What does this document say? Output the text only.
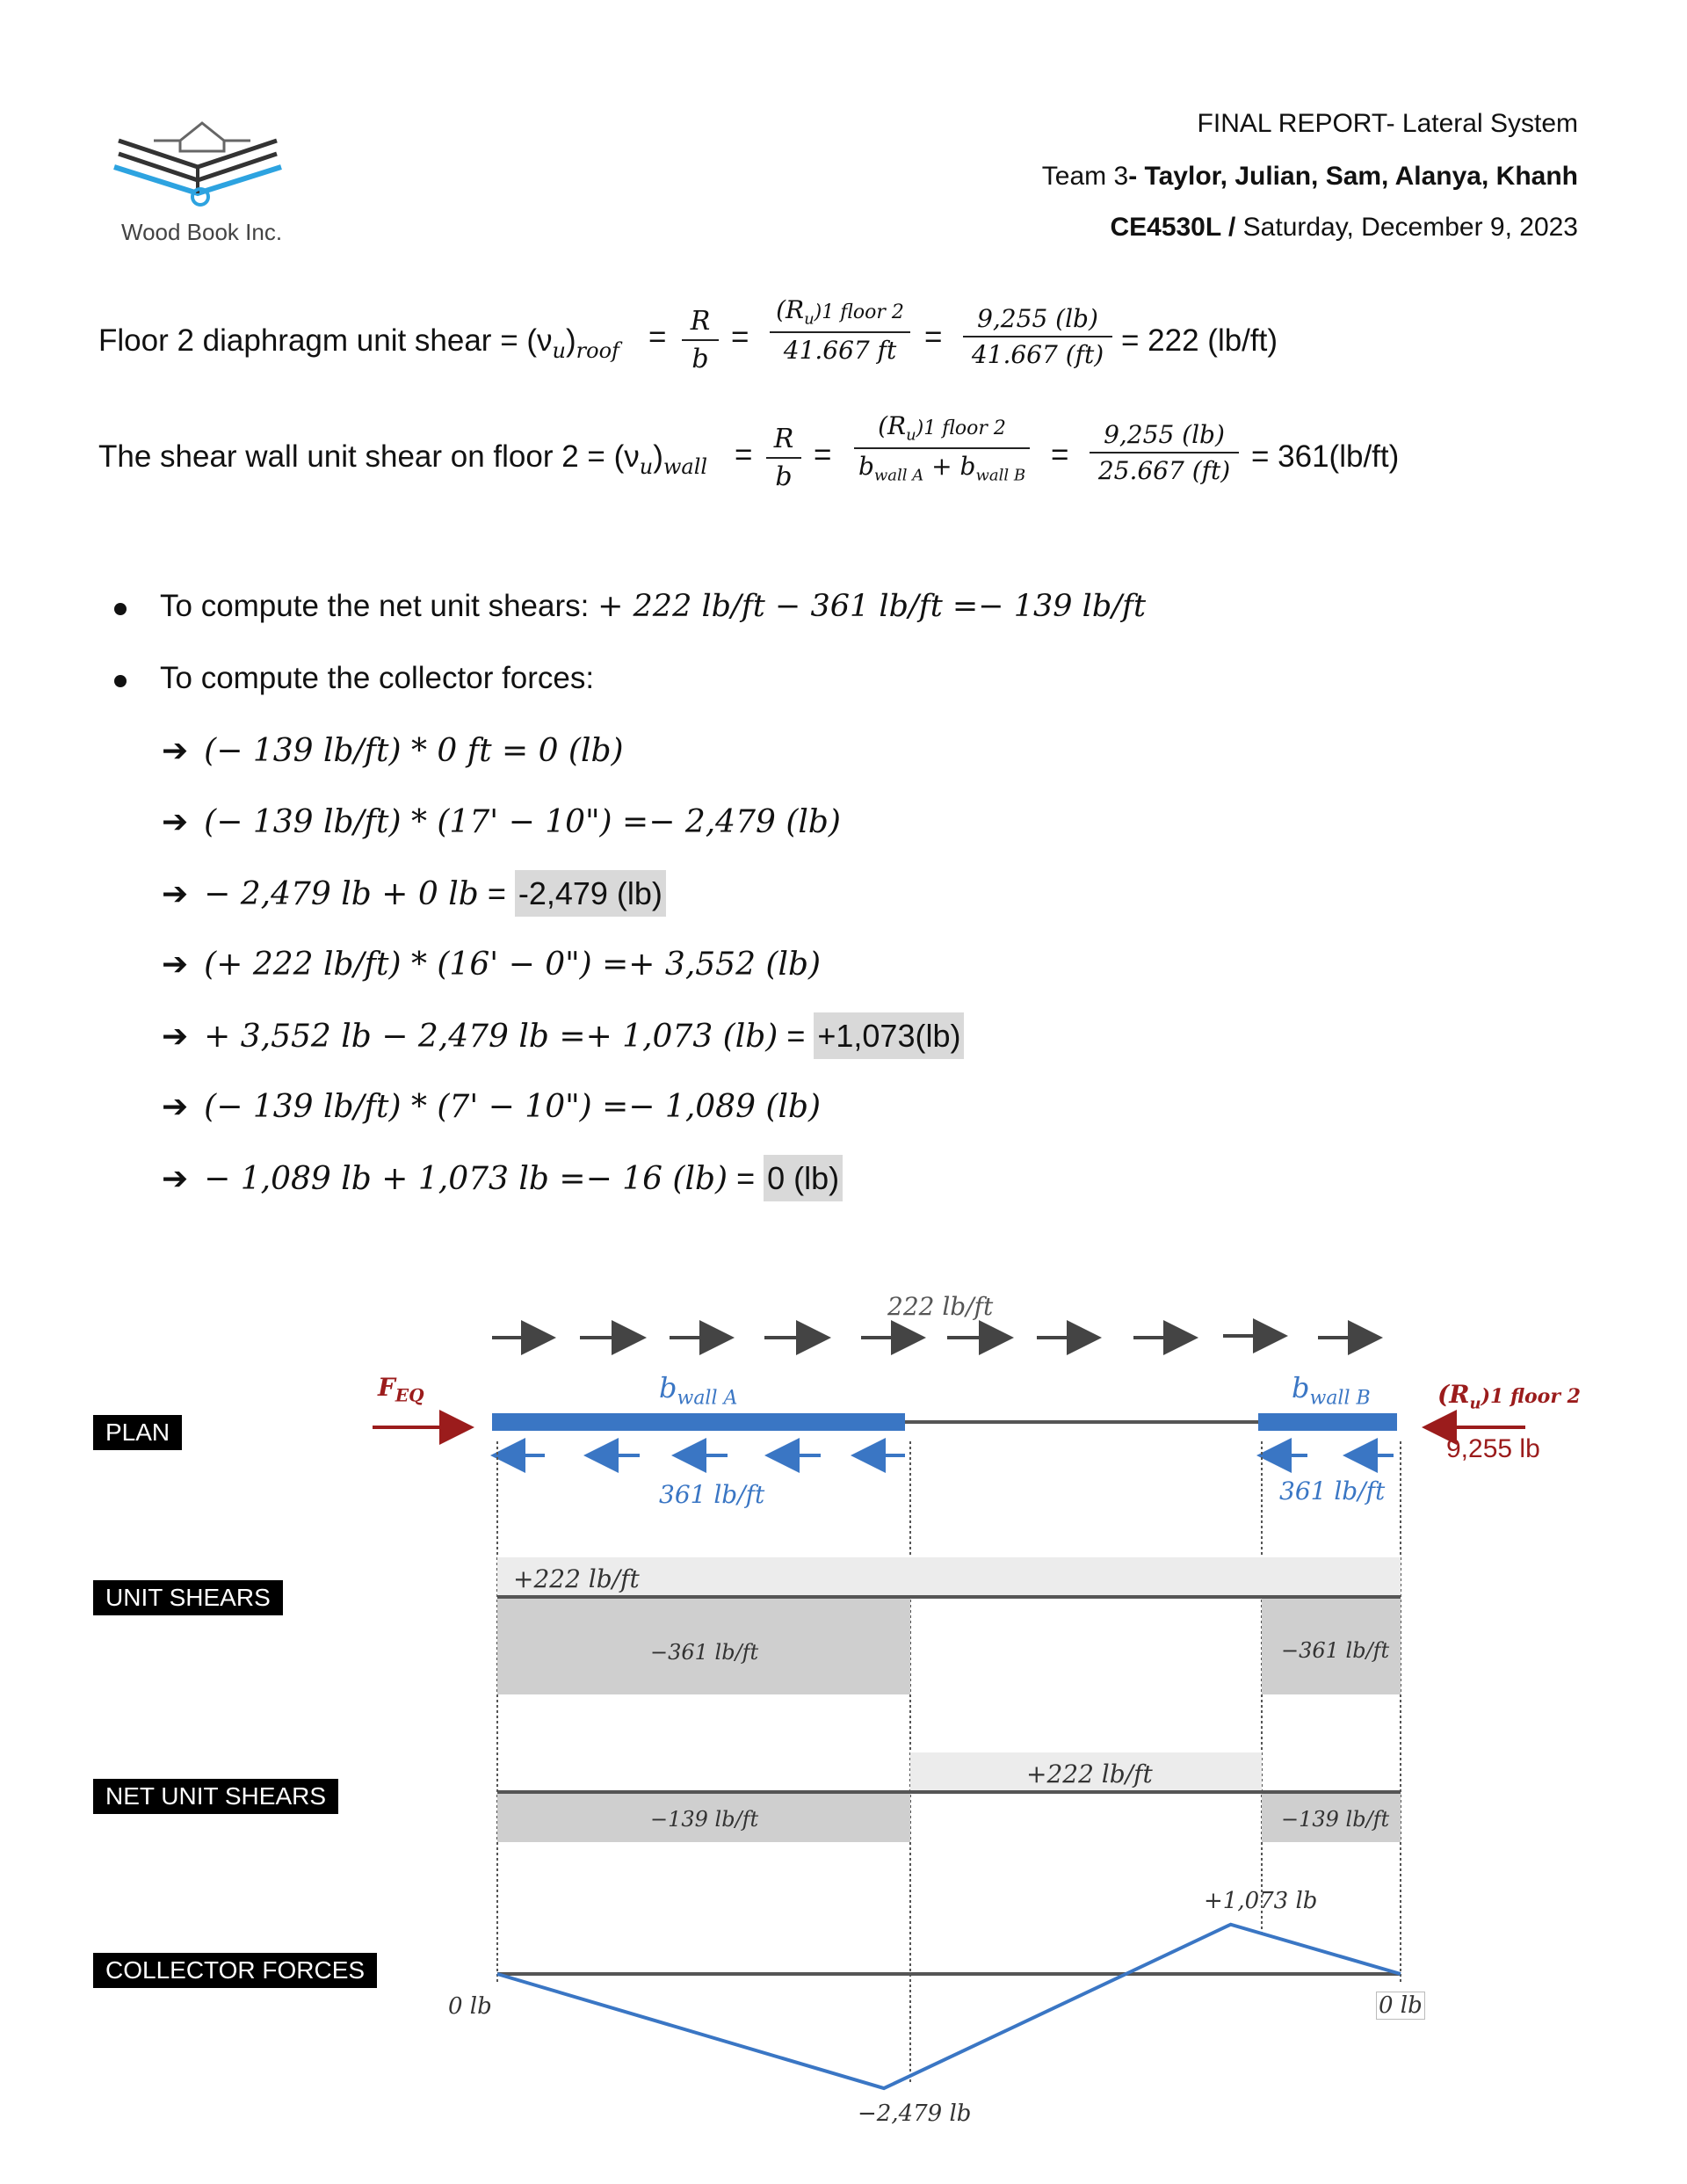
Wood Book Inc.
FINAL REPORT- Lateral System
Team 3- Taylor, Julian, Sam, Alanya, Khanh
CE4530L / Saturday, December 9, 2023
Floor 2 diaphragm unit shear = $(\nu_u)_{roof} = R$
b
=
$(R_u)1$ floor 2
41.667 ft =
9,255 (lb)
41.667 (ft) = 222 (lb/ft)
The shear wall unit shear on floor $2 = (\nu_u)_{wall} = R$
b
=
$(R_u)1$ floor 2
$b_{wall A} + b_{wall B}$
=
9,255 (lb)
25.667 (ft) = 361(lb/ft)
To compute the net unit shears: + 222 lb/ft − 361 lb/ft =− 139 lb/ft
To compute the collector forces:
➔ (− 139 lb/ft) * 0 ft = 0 (lb)
➔ (− 139 lb/ft) * (17' − 10") =− 2,479 (lb)
➔ − 2,479 lb + 0 lb = -2,479 (lb)
➔ (+ 222 lb/ft) * (16' − 0") =+ 3,552 (lb)
➔ + 3,552 lb − 2,479 lb =+ 1,073 (lb) = +1,073(lb)
➔ (− 139 lb/ft) * (7' − 10") =− 1,089 (lb)
➔ − 1,089 lb + 1,073 lb =− 16 (lb) = 0 (lb)
PLAN
UNIT SHEARS
NET UNIT SHEARS
COLLECTOR FORCES
222 lb/ft
$F_{EQ}$	$b_{wall A}$	$b_{wall B}$	$(R_u)1$ floor 2
9,255 lb
361 lb/ft	361 lb/ft
+222 lb/ft
−361 lb/ft	−361 lb/ft
+222 lb/ft
−139 lb/ft	−139 lb/ft
0 lb	0 lb
−2,479 lb
+1,073 lb
